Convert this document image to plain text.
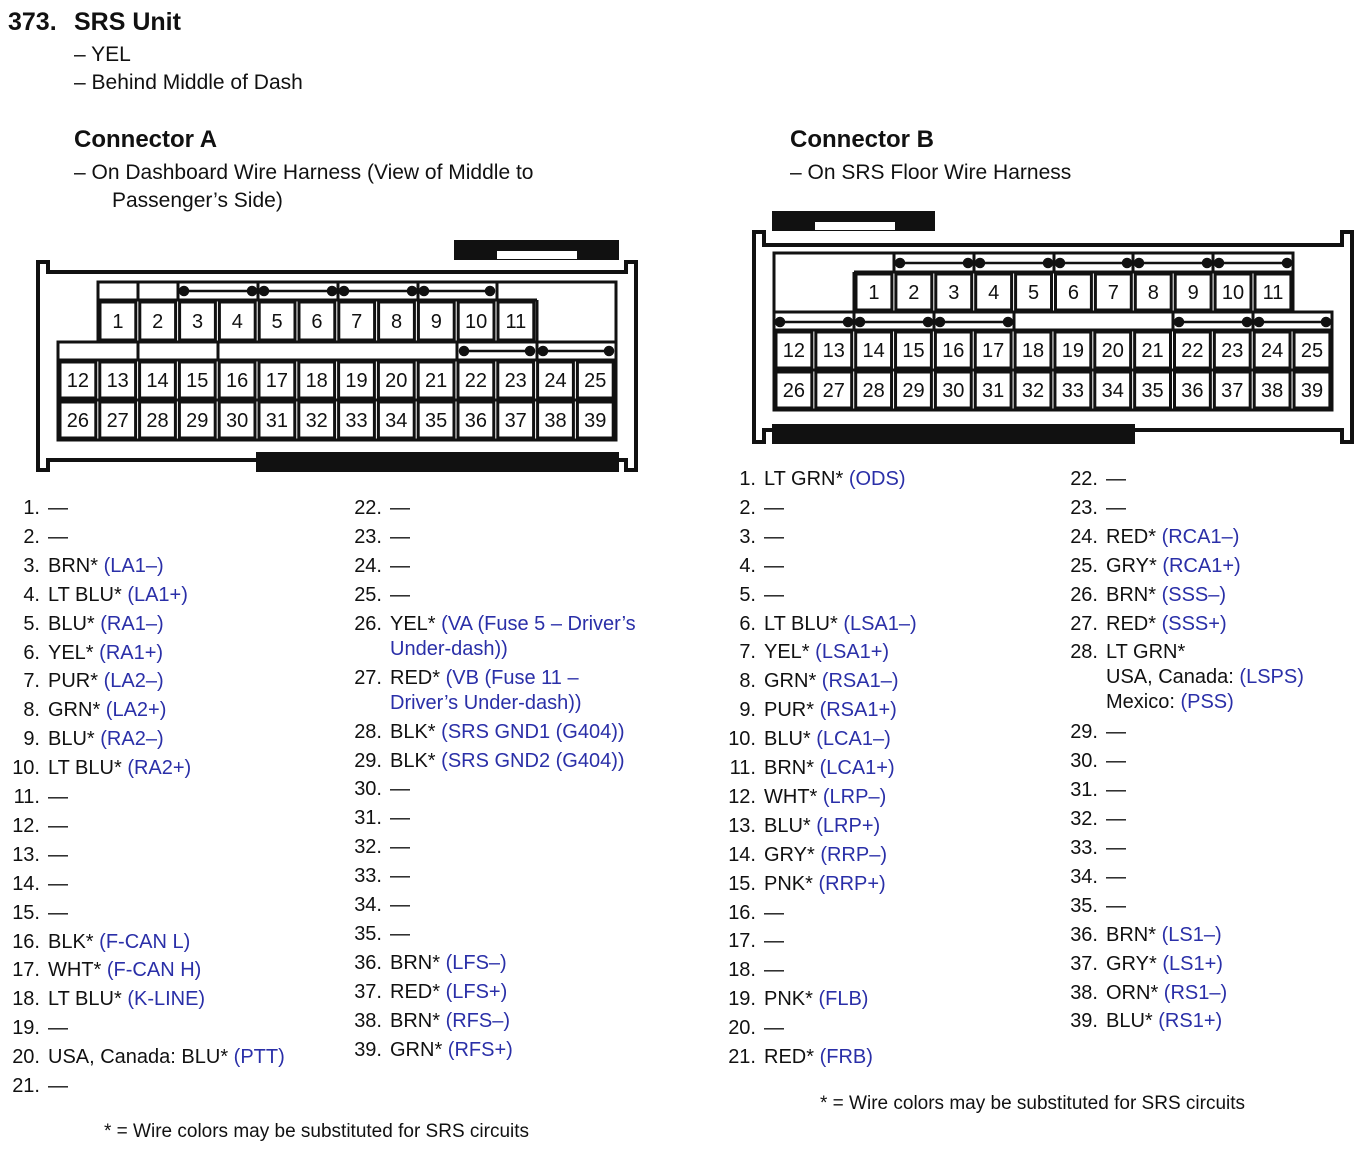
373. SRS Unit
– YEL
– Behind Middle of Dash
Connector A
– On Dashboard Wire Harness (View of Middle to
Passenger’s Side)
Connector B
– On SRS Floor Wire Harness
1 2 3 4 5 6 7 8 9 10 11
12 13 14 15 16 17 18 19 20 21 22 23 24 25
26 27 28 29 30 31 32 33 34 35 36 37 38 39
1 2 3 4 5 6 7 8 9 10 11
12 13 14 15 16 17 18 19 20 21 22 23 24 25
26 27 28 29 30 31 32 33 34 35 36 37 38 39
1. —
2. —
3. BRN* (LA1–)
4. LT BLU* (LA1+)
5. BLU* (RA1–)
6. YEL* (RA1+)
7. PUR* (LA2–)
8. GRN* (LA2+)
9. BLU* (RA2–)
10. LT BLU* (RA2+)
11. —
12. —
13. —
14. —
15. —
16. BLK* (F-CAN L)
17. WHT* (F-CAN H)
18. LT BLU* (K-LINE)
19. —
20. USA, Canada: BLU* (PTT)
21. —
22. —
23. —
24. —
25. —
26. YEL* (VA (Fuse 5 – Driver’s
Under-dash))
27. RED* (VB (Fuse 11 –
Driver’s Under-dash))
28. BLK* (SRS GND1 (G404))
29. BLK* (SRS GND2 (G404))
30. —
31. —
32. —
33. —
34. —
35. —
36. BRN* (LFS–)
37. RED* (LFS+)
38. BRN* (RFS–)
39. GRN* (RFS+)
1. LT GRN* (ODS)
2. —
3. —
4. —
5. —
6. LT BLU* (LSA1–)
7. YEL* (LSA1+)
8. GRN* (RSA1–)
9. PUR* (RSA1+)
10. BLU* (LCA1–)
11. BRN* (LCA1+)
12. WHT* (LRP–)
13. BLU* (LRP+)
14. GRY* (RRP–)
15. PNK* (RRP+)
16. —
17. —
18. —
19. PNK* (FLB)
20. —
21. RED* (FRB)
22. —
23. —
24. RED* (RCA1–)
25. GRY* (RCA1+)
26. BRN* (SSS–)
27. RED* (SSS+)
28. LT GRN*
USA, Canada: (LSPS)
Mexico: (PSS)
29. —
30. —
31. —
32. —
33. —
34. —
35. —
36. BRN* (LS1–)
37. GRY* (LS1+)
38. ORN* (RS1–)
39. BLU* (RS1+)
* = Wire colors may be substituted for SRS circuits
* = Wire colors may be substituted for SRS circuits
